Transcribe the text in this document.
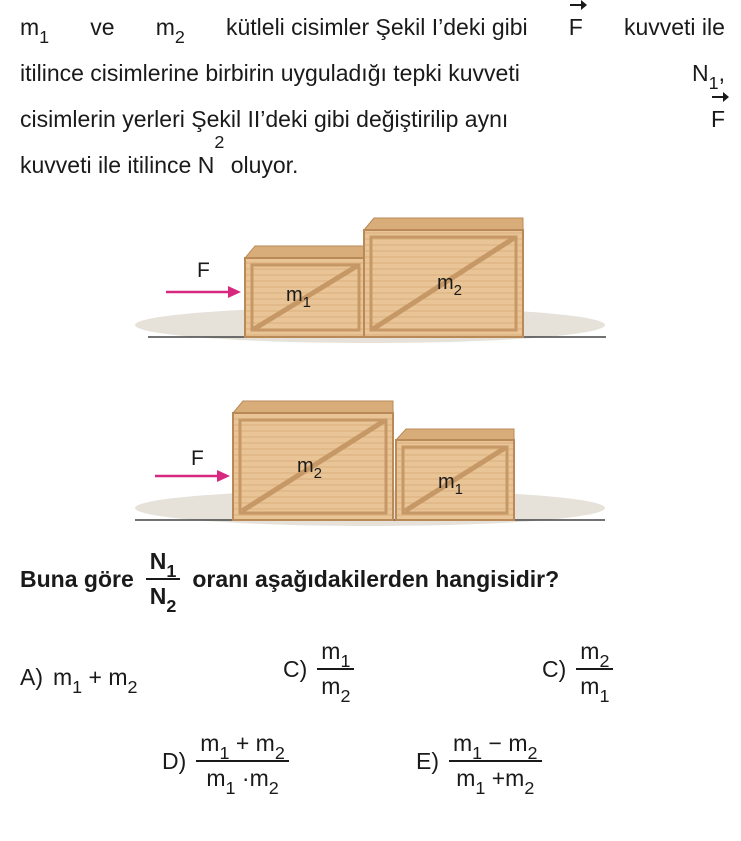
$m_1$ ve $m_2$ kütleli cisimler Şekil I’deki gibi F kuvveti ile
itilince cisimlerine birbirin uyguladığı tepki kuvveti	$N_1$,
cisimlerin yerleri Şekil II’deki gibi değiştirilip aynı	F
kuvveti ile itilince
N
2

oluyor.
$m_1$
$m_2$
F
$m_2$	$m_1$
F
Buna göre $\frac{N_1}{N_2}$ oranı aşağıdakilerden hangisidir?
A) $m_1 + m_2$
$C) \frac{m_1}{m_2}$	$C) \frac{m_2}{m_1}$
$D) \frac{m_1 + m_2}{m_1 \cdot m_2}$	$E) \frac{m_1 - m_2}{m_1 +m_2}$
